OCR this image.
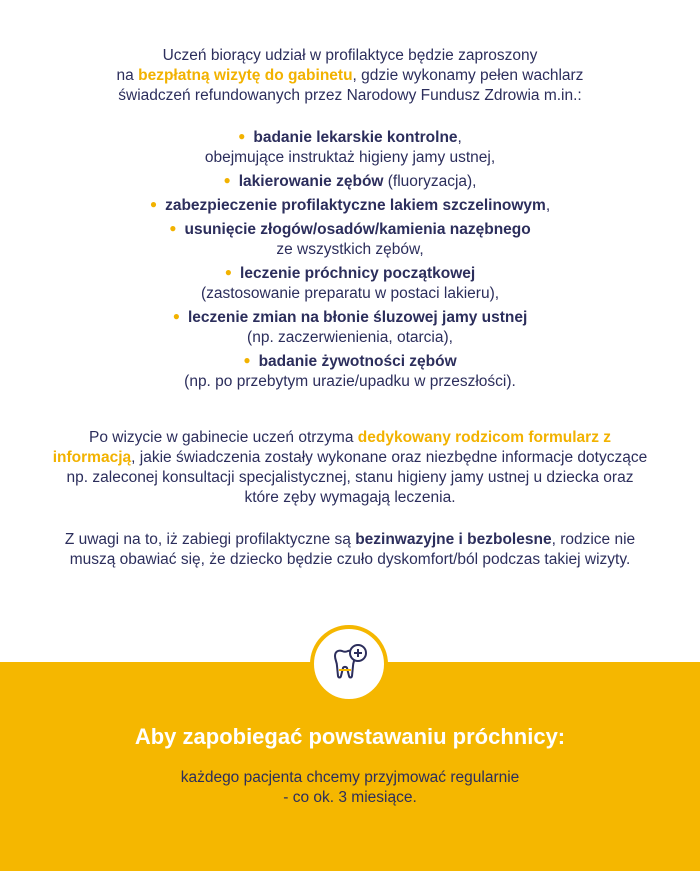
Uczeń biorący udział w profilaktyce będzie zaproszony
na bezpłatną wizytę do gabinetu, gdzie wykonamy pełen wachlarz
świadczeń refundowanych przez Narodowy Fundusz Zdrowia m.in.:
● badanie lekarskie kontrolne,
obejmujące instruktaż higieny jamy ustnej,
● lakierowanie zębów (fluoryzacja),
● zabezpieczenie profilaktyczne lakiem szczelinowym,
● usunięcie złogów/osadów/kamienia nazębnego
ze wszystkich zębów,
● leczenie próchnicy początkowej
(zastosowanie preparatu w postaci lakieru),
● leczenie zmian na błonie śluzowej jamy ustnej
(np. zaczerwienienia, otarcia),
● badanie żywotności zębów
(np. po przebytym urazie/upadku w przeszłości).

Po wizycie w gabinecie uczeń otrzyma dedykowany rodzicom formularz z informacją, jakie świadczenia zostały wykonane oraz niezbędne informacje dotyczące np. zaleconej konsultacji specjalistycznej, stanu higieny jamy ustnej u dziecka oraz które zęby wymagają leczenia.

Z uwagi na to, iż zabiegi profilaktyczne są bezinwazyjne i bezbolesne, rodzice nie muszą obawiać się, że dziecko będzie czuło dyskomfort/ból podczas takiej wizyty.

Aby zapobiegać powstawaniu próchnicy:
każdego pacjenta chcemy przyjmować regularnie
- co ok. 3 miesiące.
